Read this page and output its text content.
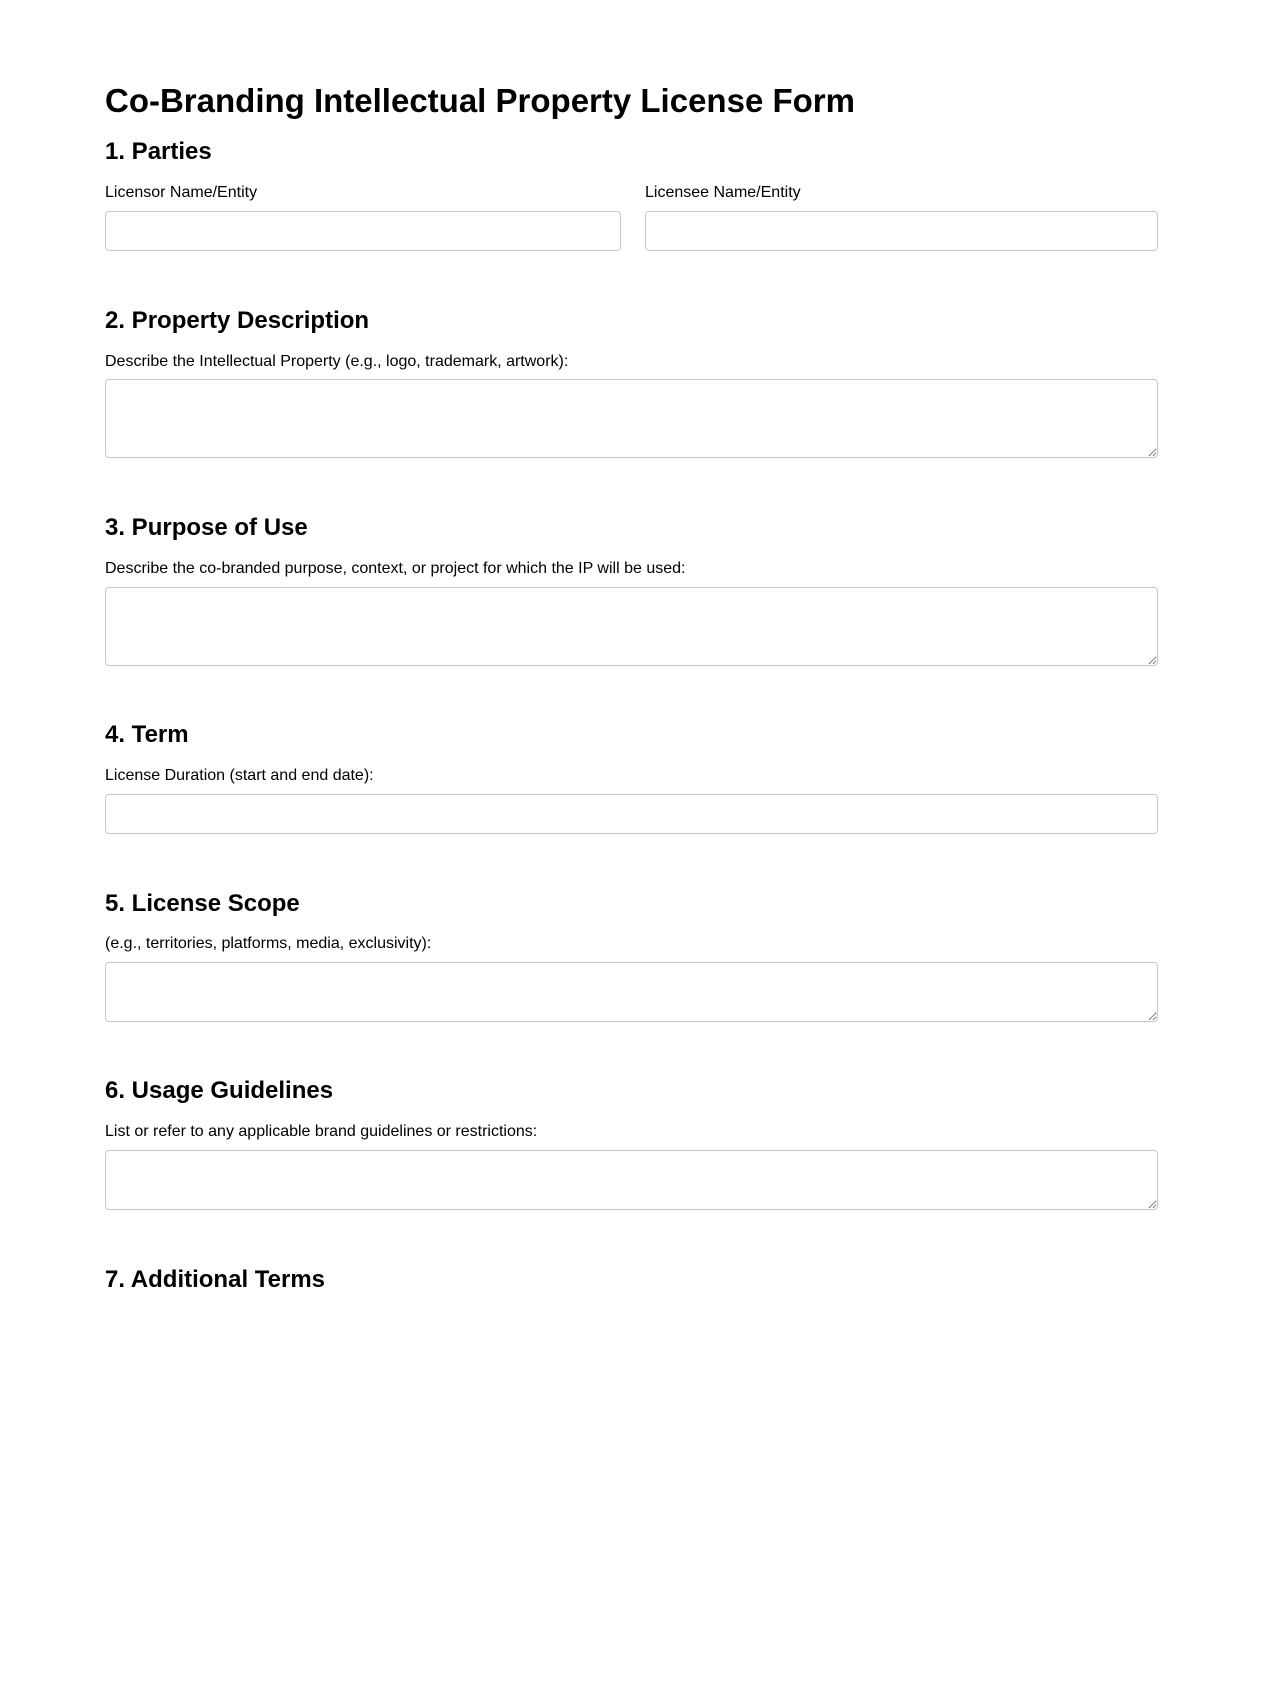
Co-Branding Intellectual Property License Form
1. Parties
Licensor Name/Entity	Licensee Name/Entity
2. Property Description
Describe the Intellectual Property (e.g., logo, trademark, artwork):
3. Purpose of Use
Describe the co-branded purpose, context, or project for which the IP will be used:
4. Term
License Duration (start and end date):
5. License Scope
(e.g., territories, platforms, media, exclusivity):
6. Usage Guidelines
List or refer to any applicable brand guidelines or restrictions:
7. Additional Terms
